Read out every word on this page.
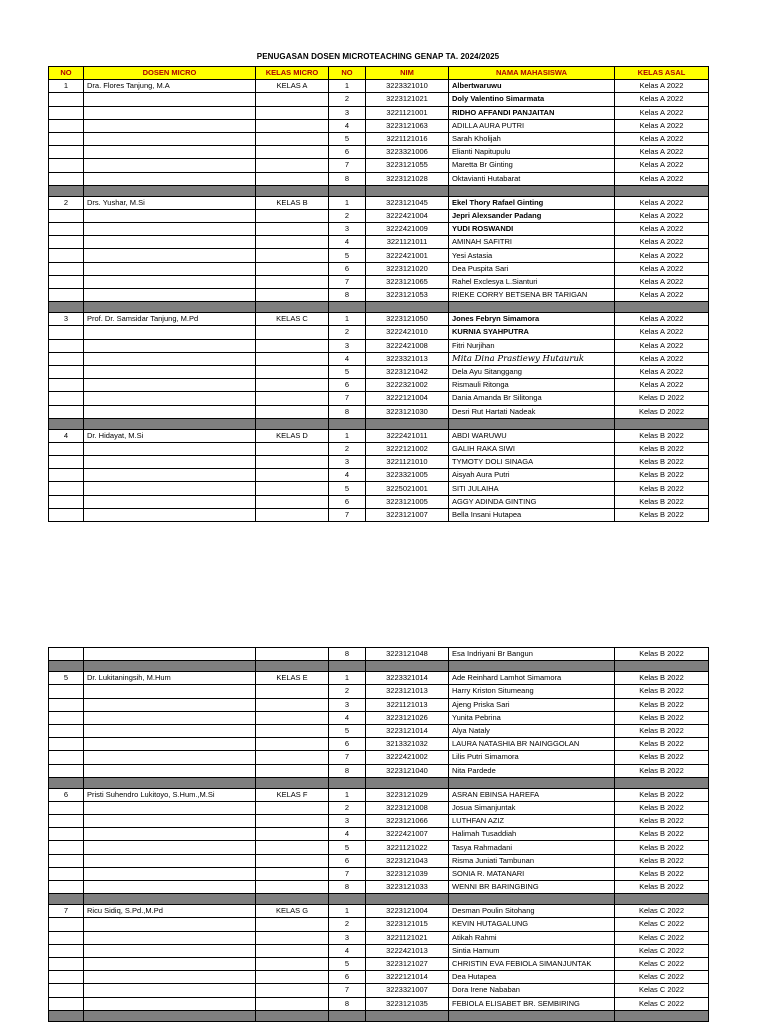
PENUGASAN DOSEN MICROTEACHING GENAP TA. 2024/2025
NO	DOSEN MICRO	KELAS MICRO	NO	NIM	NAMA MAHASISWA	KELAS ASAL
1	Dra. Flores Tanjung, M.A	KELAS A	1	3223321010	Albertwaruwu	Kelas A 2022
			2	3223121021	Doly Valentino Simarmata	Kelas A 2022
			3	3221121001	RIDHO AFFANDI PANJAITAN	Kelas A 2022
			4	3223121063	ADILLA AURA PUTRI	Kelas A 2022
			5	3221121016	Sarah Kholijah	Kelas A 2022
			6	3223321006	Elianti Napitupulu	Kelas A 2022
			7	3223121055	Maretta Br Ginting	Kelas A 2022
			8	3223121028	Oktavianti Hutabarat	Kelas A 2022

2	Drs. Yushar, M.Si	KELAS B	1	3223121045	Ekel Thory Rafael Ginting	Kelas A 2022
			2	3222421004	Jepri Alexsander Padang	Kelas A 2022
			3	3222421009	YUDI ROSWANDI	Kelas A 2022
			4	3221121011	AMINAH SAFITRI	Kelas A 2022
			5	3222421001	Yesi Astasia	Kelas A 2022
			6	3223121020	Dea Puspita Sari	Kelas A 2022
			7	3223121065	Rahel Exclesya L.Sianturi	Kelas A 2022
			8	3223121053	RIEKE CORRY BETSENA BR TARIGAN	Kelas A 2022

3	Prof. Dr. Samsidar Tanjung, M.Pd	KELAS C	1	3223121050	Jones Febryn Simamora	Kelas A 2022
			2	3222421010	KURNIA SYAHPUTRA	Kelas A 2022
			3	3222421008	Fitri Nurjihan	Kelas A 2022
			4	3223321013	Mita Dina Prastiewy Hutauruk	Kelas A 2022
			5	3223121042	Dela Ayu Sitanggang	Kelas A 2022
			6	3222321002	Rismauli Ritonga	Kelas A 2022
			7	3222121004	Dania Amanda Br Silitonga	Kelas D 2022
			8	3223121030	Desri Rut Hartati Nadeak	Kelas D 2022

4	Dr. Hidayat, M.Si	KELAS D	1	3222421011	ABDI WARUWU	Kelas B 2022
			2	3222121002	GALIH RAKA SIWI	Kelas B 2022
			3	3221121010	TYMOTY DOLI SINAGA	Kelas B 2022
			4	3223321005	Aisyah Aura Putri	Kelas B 2022
			5	3225021001	SITI JULAIHA	Kelas B 2022
			6	3223121005	AGGY ADINDA GINTING	Kelas B 2022
			7	3223121007	Bella Insani Hutapea	Kelas B 2022
			8	3223121048	Esa Indriyani Br Bangun	Kelas B 2022

5	Dr. Lukitaningsih, M.Hum	KELAS E	1	3223321014	Ade Reinhard Lamhot Simamora	Kelas B 2022
			2	3223121013	Harry Kriston Situmeang	Kelas B 2022
			3	3221121013	Ajeng Priska Sari	Kelas B 2022
			4	3223121026	Yunita Pebrina	Kelas B 2022
			5	3223121014	Alya Nataly	Kelas B 2022
			6	3213321032	LAURA NATASHIA BR NAINGGOLAN	Kelas B 2022
			7	3222421002	Lilis Putri Simamora	Kelas B 2022
			8	3223121040	Nita Pardede	Kelas B 2022

6	Pristi Suhendro Lukitoyo, S.Hum.,M.Si	KELAS F	1	3223121029	ASRAN EBINSA HAREFA	Kelas B 2022
			2	3223121008	Josua Simanjuntak	Kelas B 2022
			3	3223121066	LUTHFAN AZIZ	Kelas B 2022
			4	3222421007	Halimah Tusaddiah	Kelas B 2022
			5	3221121022	Tasya Rahmadani	Kelas B 2022
			6	3223121043	Risma Juniati Tambunan	Kelas B 2022
			7	3223121039	SONIA R. MATANARI	Kelas B 2022
			8	3223121033	WENNI BR BARINGBING	Kelas B 2022

7	Ricu Sidiq, S.Pd.,M.Pd	KELAS G	1	3223121004	Desman Poulin Sitohang	Kelas C 2022
			2	3223121015	KEVIN HUTAGALUNG	Kelas C 2022
			3	3221121021	Atikah Rahmi	Kelas C 2022
			4	3222421013	Sintia Harnum	Kelas C 2022
			5	3223121027	CHRISTIN EVA FEBIOLA SIMANJUNTAK	Kelas C 2022
			6	3222121014	Dea Hutapea	Kelas C 2022
			7	3223321007	Dora Irene Nababan	Kelas C 2022
			8	3223121035	FEBIOLA ELISABET BR. SEMBIRING	Kelas C 2022
